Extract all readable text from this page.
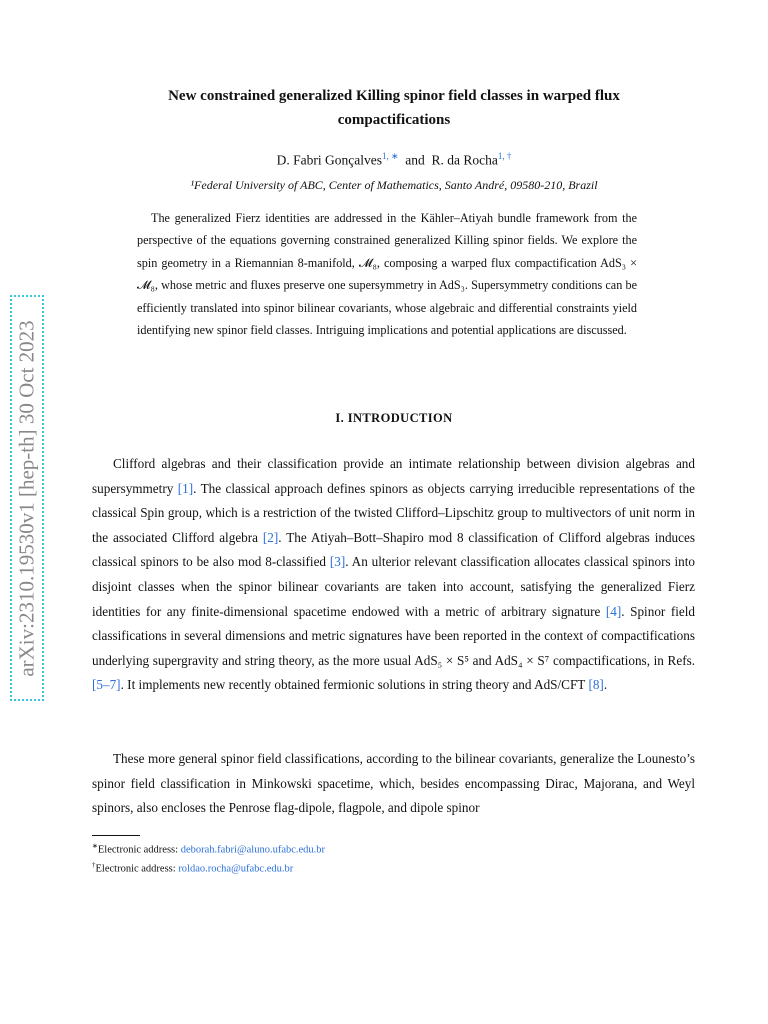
arXiv:2310.19530v1 [hep-th] 30 Oct 2023
New constrained generalized Killing spinor field classes in warped flux
compactifications
D. Fabri Gonçalves$^{1, ∗}$ and R. da Rocha$^{1, \dagger}$
¹Federal University of ABC, Center of Mathematics, Santo André, 09580-210, Brazil
The generalized Fierz identities are addressed in the Kähler–Atiyah bundle framework from the perspective of the equations governing constrained generalized Killing spinor fields. We explore the spin geometry in a Riemannian 8-manifold, 𝓜₈, composing a warped flux compactification AdS₃ × 𝓜₈, whose metric and fluxes preserve one supersymmetry in AdS₃. Supersymmetry conditions can be efficiently translated into spinor bilinear covariants, whose algebraic and differential constraints yield identifying new spinor field classes. Intriguing implications and potential applications are discussed.
I. INTRODUCTION
Clifford algebras and their classification provide an intimate relationship between division algebras and supersymmetry [1]. The classical approach defines spinors as objects carrying irreducible representations of the classical Spin group, which is a restriction of the twisted Clifford–Lipschitz group to multivectors of unit norm in the associated Clifford algebra [2]. The Atiyah–Bott–Shapiro mod 8 classification of Clifford algebras induces classical spinors to be also mod 8-classified [3]. An ulterior relevant classification allocates classical spinors into disjoint classes when the spinor bilinear covariants are taken into account, satisfying the generalized Fierz identities for any finite-dimensional spacetime endowed with a metric of arbitrary signature [4]. Spinor field classifications in several dimensions and metric signatures have been reported in the context of compactifications underlying supergravity and string theory, as the more usual AdS₅ × S⁵ and AdS₄ × S⁷ compactifications, in Refs. [5–7]. It implements new recently obtained fermionic solutions in string theory and AdS/CFT [8].
These more general spinor field classifications, according to the bilinear covariants, generalize the Lounesto’s spinor field classification in Minkowski spacetime, which, besides encompassing Dirac, Majorana, and Weyl spinors, also encloses the Penrose flag-dipole, flagpole, and dipole spinor
∗Electronic address: deborah.fabri@aluno.ufabc.edu.br
†Electronic address: roldao.rocha@ufabc.edu.br
